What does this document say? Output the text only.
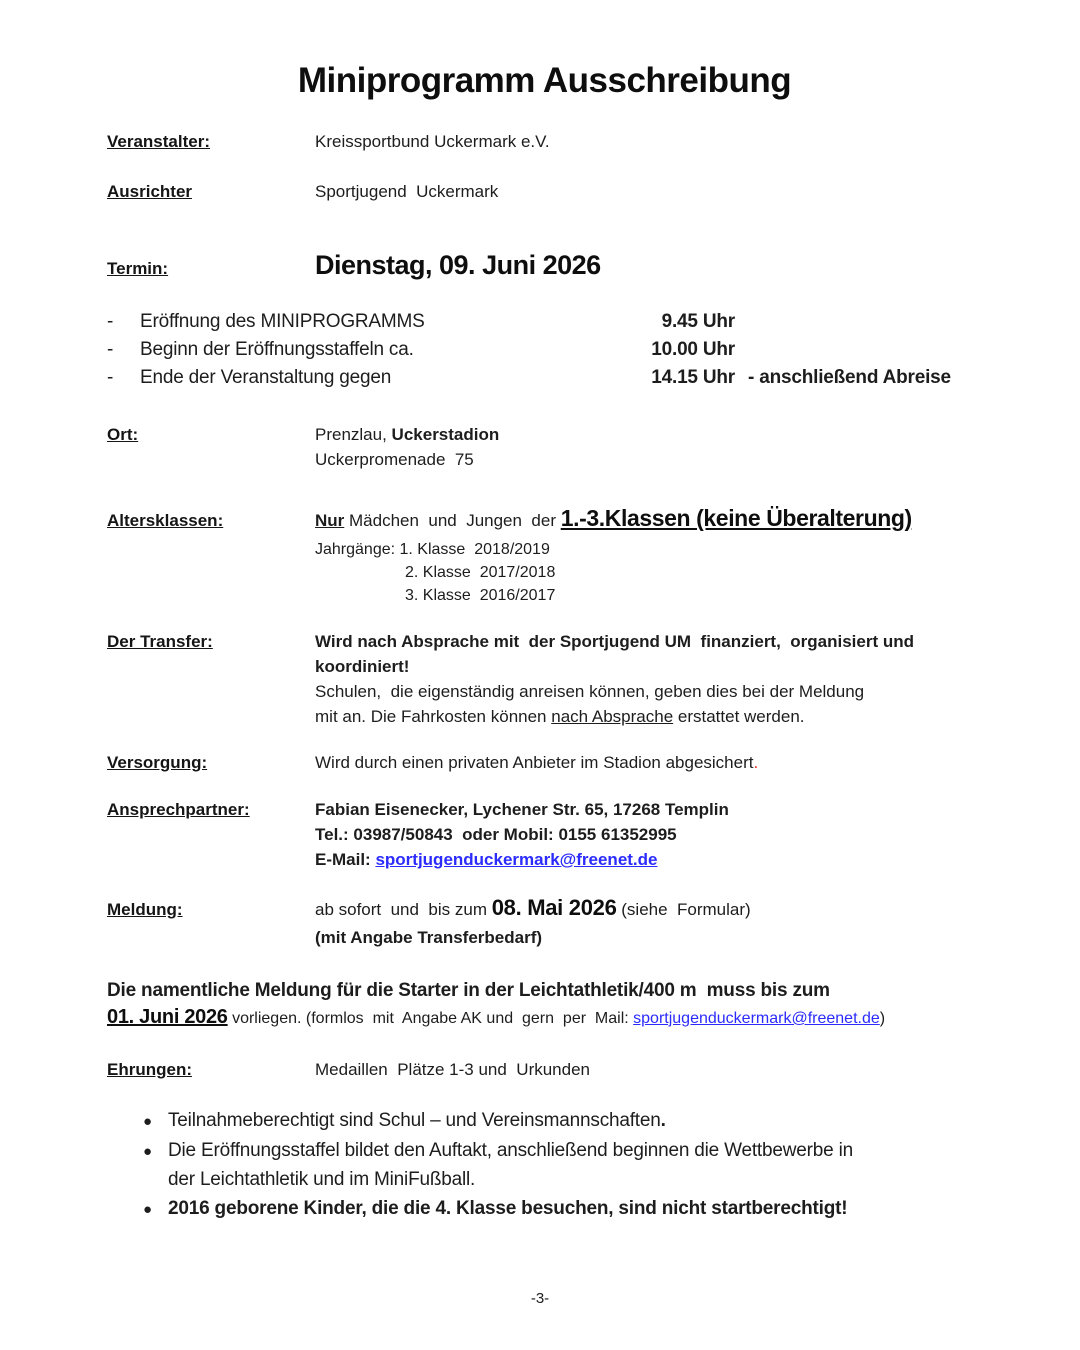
Miniprogramm Ausschreibung
Veranstalter:	Kreissportbund Uckermark e.V.
Ausrichter	Sportjugend  Uckermark
Termin:	Dienstag, 09. Juni 2026
-	Eröffnung des MINIPROGRAMMS	9.45 Uhr
-	Beginn der Eröffnungsstaffeln ca.	10.00 Uhr
-	Ende der Veranstaltung gegen	14.15 Uhr - anschließend Abreise
Ort:	Prenzlau, Uckerstadion
Uckerpromenade  75
Altersklassen:	Nur Mädchen  und  Jungen  der 1.-3.Klassen (keine Überalterung)
Jahrgänge: 1. Klasse  2018/2019
2. Klasse  2017/2018
3. Klasse  2016/2017
Der Transfer:	Wird nach Absprache mit  der Sportjugend UM  finanziert,  organisiert und
koordiniert!
Schulen,  die eigenständig anreisen können, geben dies bei der Meldung
mit an. Die Fahrkosten können nach Absprache erstattet werden.
Versorgung:	Wird durch einen privaten Anbieter im Stadion abgesichert.
Ansprechpartner:	Fabian Eisenecker, Lychener Str. 65, 17268 Templin
Tel.: 03987/50843  oder Mobil: 0155 61352995
E-Mail: sportjugenduckermark@freenet.de
Meldung:	ab sofort  und  bis zum 08. Mai 2026 (siehe  Formular)
(mit Angabe Transferbedarf)
Die namentliche Meldung für die Starter in der Leichtathletik/400 m  muss bis zum
01. Juni 2026 vorliegen. (formlos  mit  Angabe AK und  gern  per  Mail: sportjugenduckermark@freenet.de)
Ehrungen:	Medaillen  Plätze 1-3 und  Urkunden
● Teilnahmeberechtigt sind Schul – und Vereinsmannschaften.
● Die Eröffnungsstaffel bildet den Auftakt, anschließend beginnen die Wettbewerbe in
der Leichtathletik und im MiniFußball.
● 2016 geborene Kinder, die die 4. Klasse besuchen, sind nicht startberechtigt!
-3-
